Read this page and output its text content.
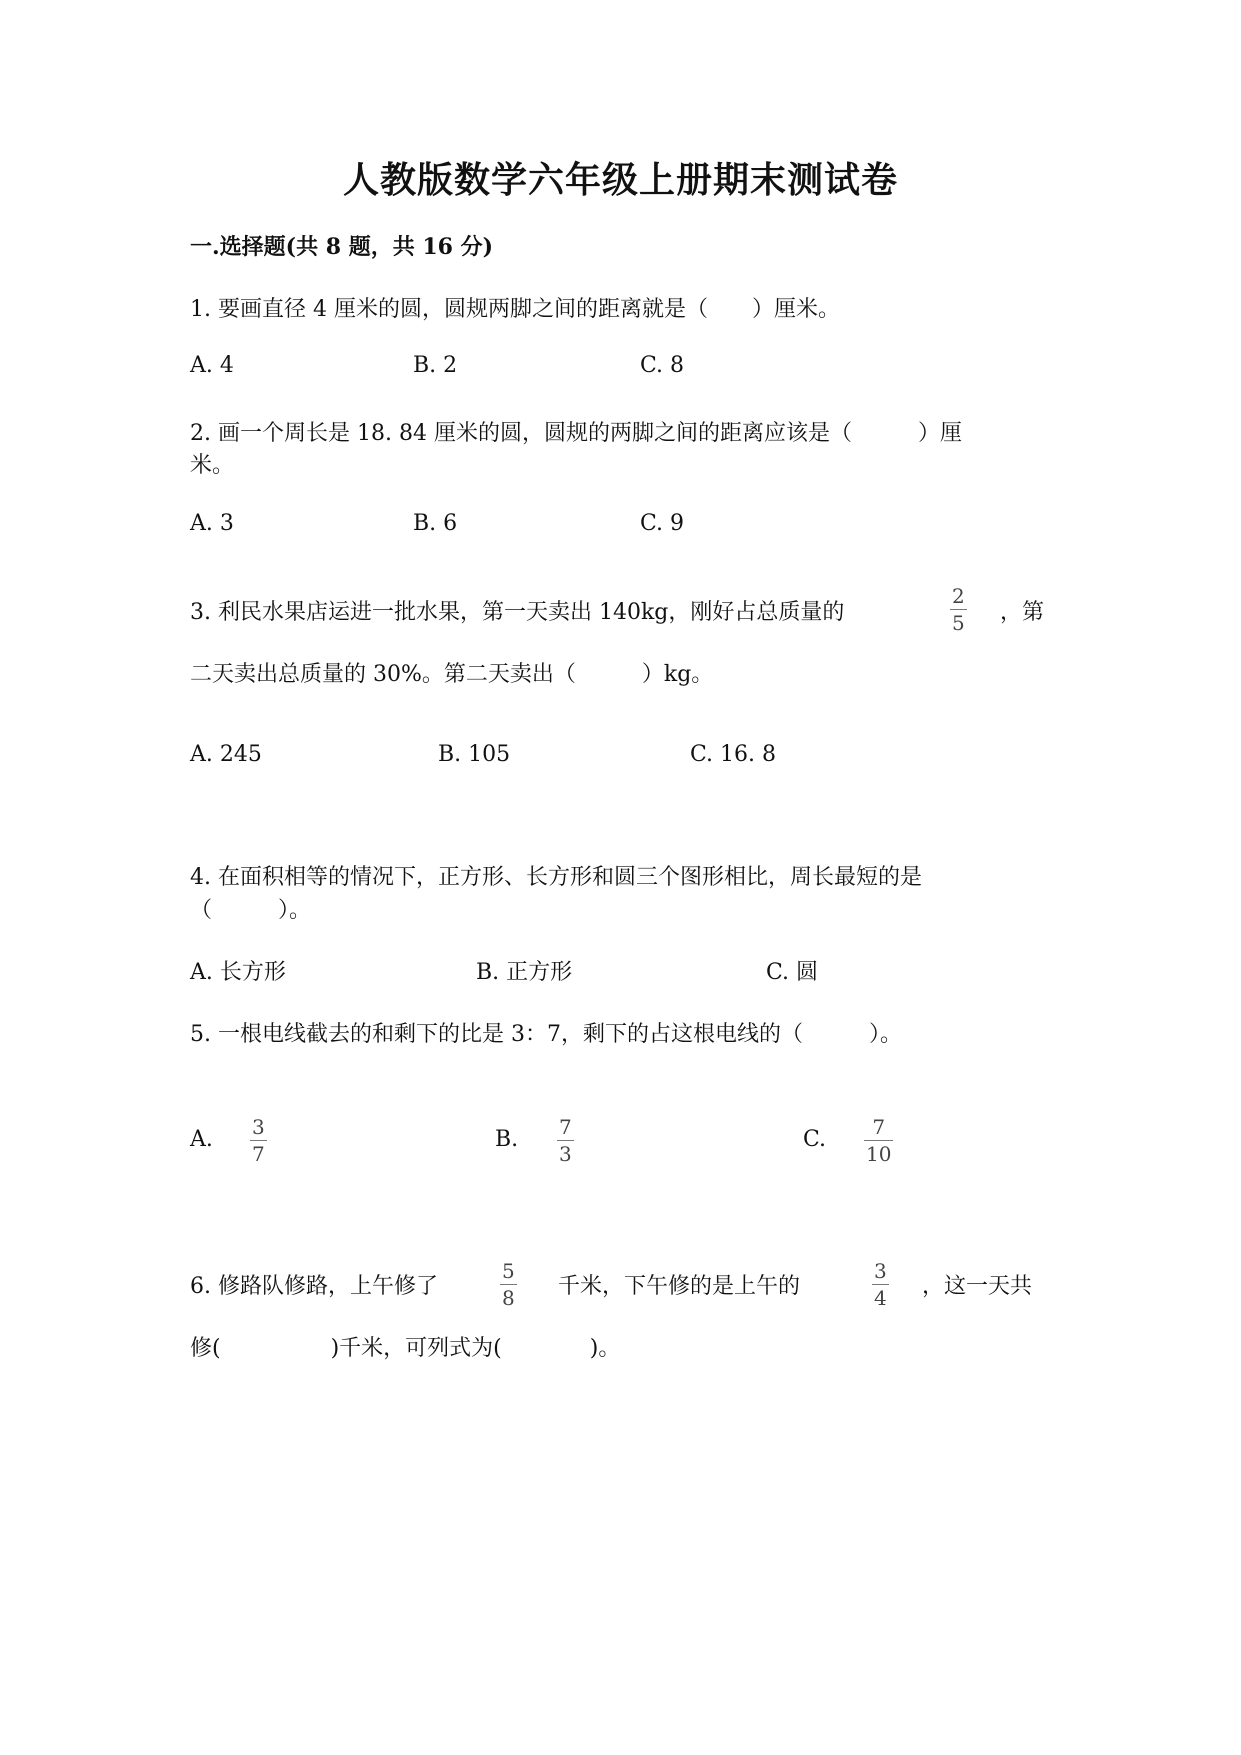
人教版数学六年级上册期末测试卷
一.选择题(共 8 题，共 16 分)
1. 要画直径 4 厘米的圆，圆规两脚之间的距离就是（　　）厘米。
A. 4	B. 2	C. 8
2. 画一个周长是 18. 84 厘米的圆，圆规的两脚之间的距离应该是（　　　）厘
米。
A. 3	B. 6	C. 9
3. 利民水果店运进一批水果，第一天卖出 140kg，刚好占总质量的
2
5 ，第
二天卖出总质量的 30%。第二天卖出（　　　）kg。
A. 245	B. 105	C. 16. 8
4. 在面积相等的情况下，正方形、长方形和圆三个图形相比，周长最短的是
（　　　）。
A. 长方形	B. 正方形	C. 圆
5. 一根电线截去的和剩下的比是 3：7，剩下的占这根电线的（　　　）。
A. 3
7
B. 7
3
C. 7
10
6. 修路队修路，上午修了
5
8 千米，下午修的是上午的
3
4 ，这一天共
修(　　　　　)千米，可列式为(　　　　)。
